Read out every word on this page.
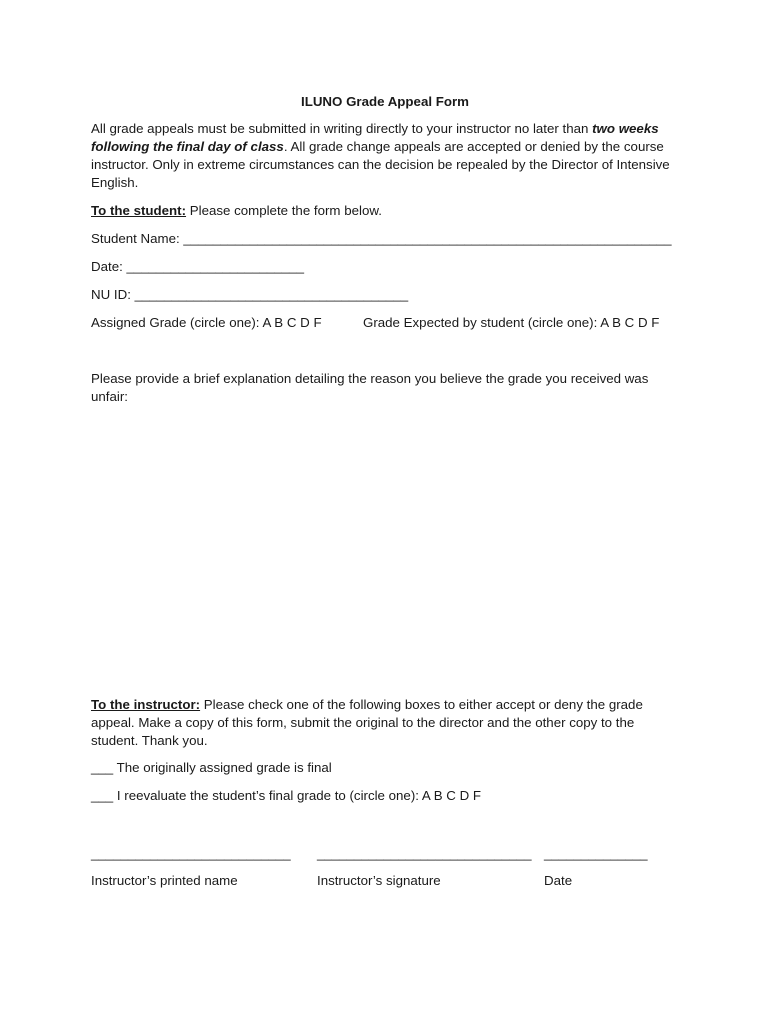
ILUNO Grade Appeal Form
All grade appeals must be submitted in writing directly to your instructor no later than two weeks following the final day of class. All grade change appeals are accepted or denied by the course instructor. Only in extreme circumstances can the decision be repealed by the Director of Intensive English.
To the student: Please complete the form below.
Student Name: __________________________________________________________________
Date: ________________________
NU ID: _____________________________________
Assigned Grade (circle one): A B C D F	Grade Expected by student (circle one): A B C D F
Please provide a brief explanation detailing the reason you believe the grade you received was unfair:
To the instructor: Please check one of the following boxes to either accept or deny the grade appeal. Make a copy of this form, submit the original to the director and the other copy to the student. Thank you.
___ The originally assigned grade is final
___ I reevaluate the student’s final grade to (circle one): A B C D F
___________________________ _____________________________ ______________
Instructor’s printed name	Instructor’s signature	Date
